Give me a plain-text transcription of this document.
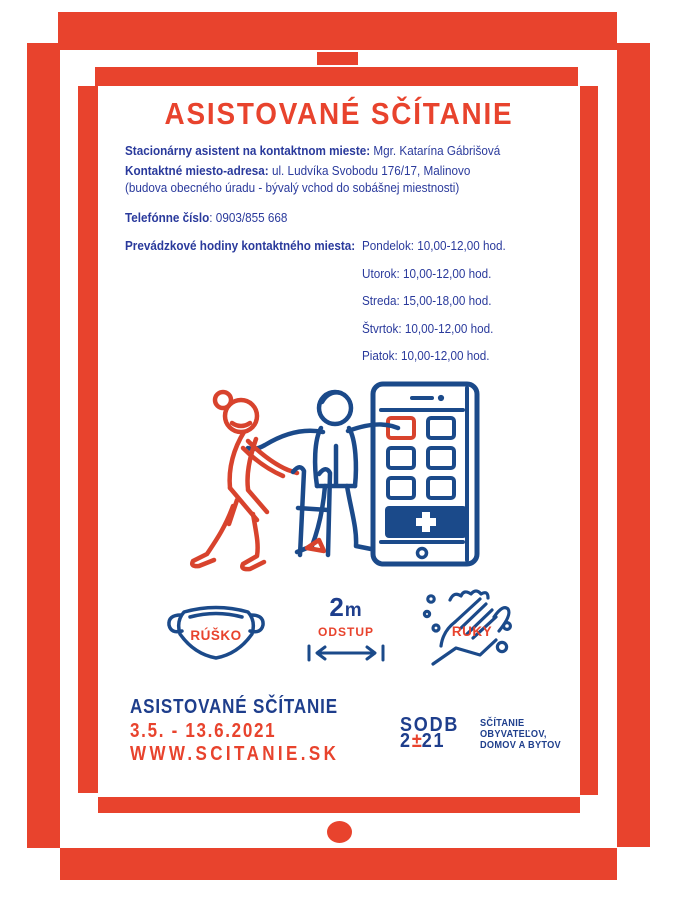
ASISTOVANÉ SČÍTANIE
Stacionárny asistent na kontaktnom mieste: Mgr. Katarína Gábrišová
Kontaktné miesto-adresa: ul. Ludvíka Svobodu 176/17, Malinovo
(budova obecného úradu - bývalý vchod do sobášnej miestnosti)
Telefónne číslo: 0903/855 668
Prevádzkové hodiny kontaktného miesta: Pondelok: 10,00-12,00 hod.
Utorok: 10,00-12,00 hod.
Streda: 15,00-18,00 hod.
Štvrtok: 10,00-12,00 hod.
Piatok: 10,00-12,00 hod.
RÚŠKO
2m
ODSTUP	RUKY
ASISTOVANÉ SČÍTANIE
3.5. - 13.6.2021
WWW.SCITANIE.SK
SODB
2±21
SČÍTANIE
OBYVATEĽOV,
DOMOV A BYTOV
